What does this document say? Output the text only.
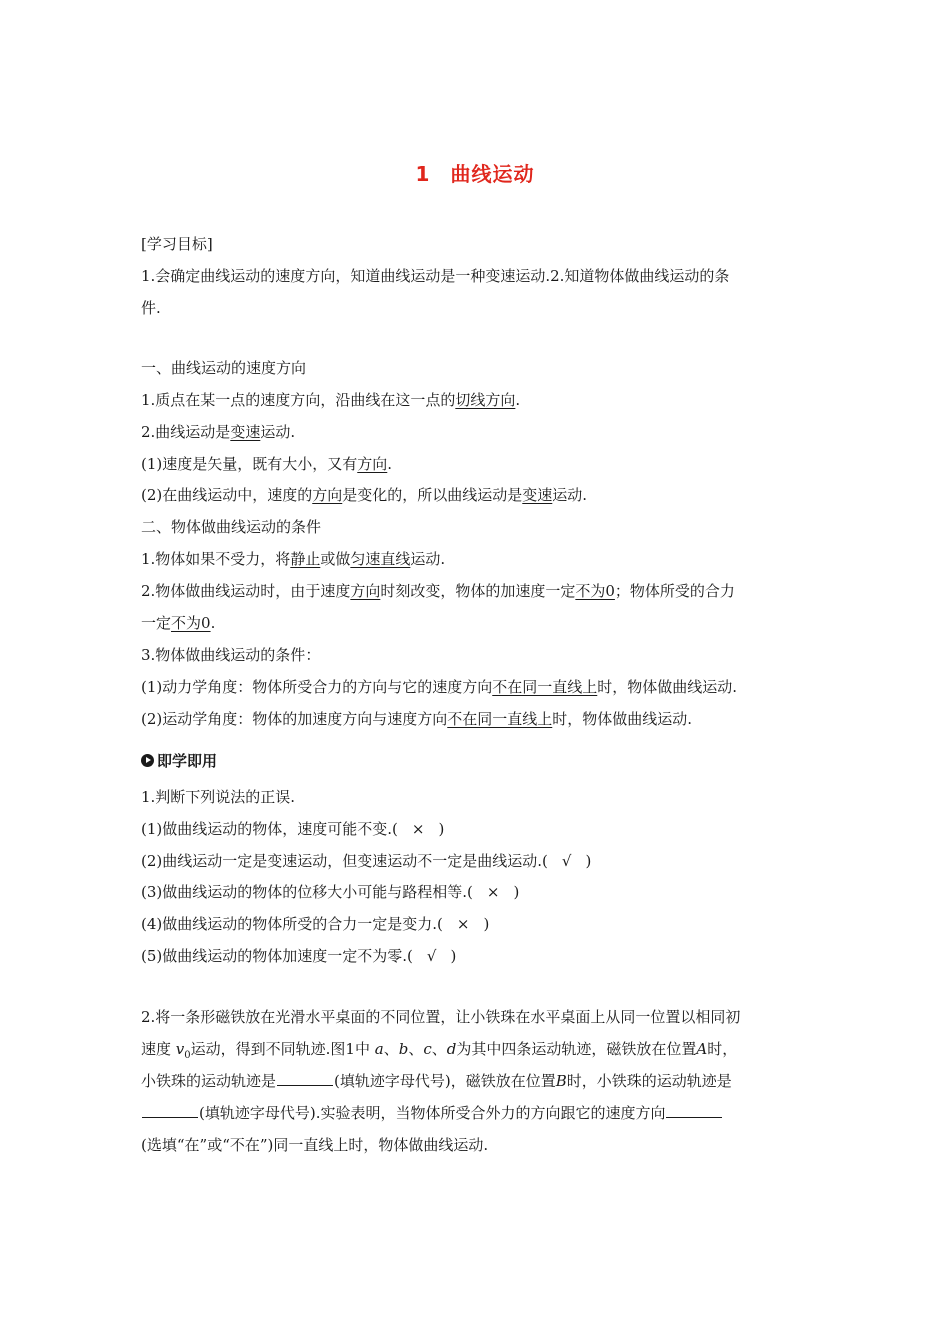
1 曲线运动
[学习目标]
1.会确定曲线运动的速度方向，知道曲线运动是一种变速运动.2.知道物体做曲线运动的条
件.
一、曲线运动的速度方向
1.质点在某一点的速度方向，沿曲线在这一点的切线方向.
2.曲线运动是变速运动.
(1)速度是矢量，既有大小，又有方向.
(2)在曲线运动中，速度的方向是变化的，所以曲线运动是变速运动.
二、物体做曲线运动的条件
1.物体如果不受力，将静止或做匀速直线运动.
2.物体做曲线运动时，由于速度方向时刻改变，物体的加速度一定不为0；物体所受的合力
一定不为0.
3.物体做曲线运动的条件：
(1)动力学角度：物体所受合力的方向与它的速度方向不在同一直线上时，物体做曲线运动.
(2)运动学角度：物体的加速度方向与速度方向不在同一直线上时，物体做曲线运动.
即学即用
1.判断下列说法的正误.
(1)做曲线运动的物体，速度可能不变.( × )
(2)曲线运动一定是变速运动，但变速运动不一定是曲线运动.( √ )
(3)做曲线运动的物体的位移大小可能与路程相等.( × )
(4)做曲线运动的物体所受的合力一定是变力.( × )
(5)做曲线运动的物体加速度一定不为零.( √ )
2.将一条形磁铁放在光滑水平桌面的不同位置，让小铁珠在水平桌面上从同一位置以相同初
速度 $v_0$运动，得到不同轨迹.图1中 a、b、c、d为其中四条运动轨迹，磁铁放在位置A时，
小铁珠的运动轨迹是	(填轨迹字母代号)，磁铁放在位置B时，小铁珠的运动轨迹是
(填轨迹字母代号).实验表明，当物体所受合外力的方向跟它的速度方向
(选填“在”或“不在”)同一直线上时，物体做曲线运动.
